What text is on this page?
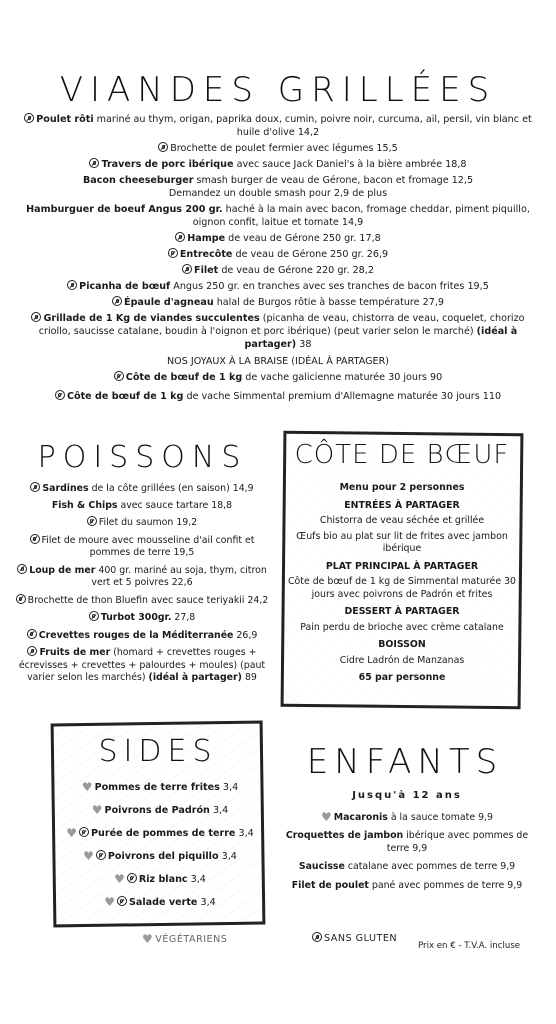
VIANDES GRILLÉES
Poulet rôti mariné au thym, origan, paprika doux, cumin, poivre noir, curcuma, ail, persil, vin blanc et huile d'olive 14,2
Brochette de poulet fermier avec légumes 15,5
Travers de porc ibérique avec sauce Jack Daniel's à la bière ambrée 18,8
Bacon cheeseburger smash burger de veau de Gérone, bacon et fromage 12,5
Demandez un double smash pour 2,9 de plus
Hamburguer de boeuf Angus 200 gr. haché à la main avec bacon, fromage cheddar, piment piquillo, oignon confit, laitue et tomate 14,9
Hampe de veau de Gérone 250 gr. 17,8
Entrecôte de veau de Gérone 250 gr. 26,9
Filet de veau de Gérone 220 gr. 28,2
Picanha de bœuf Angus 250 gr. en tranches avec ses tranches de bacon frites 19,5
Épaule d'agneau halal de Burgos rôtie à basse température 27,9
Grillade de 1 Kg de viandes succulentes (picanha de veau, chistorra de veau, coquelet, chorizo criollo, saucisse catalane, boudin à l'oignon et porc ibérique) (peut varier selon le marché) (idéal à partager) 38
NOS JOYAUX À LA BRAISE (IDÉAL À PARTAGER)
Côte de bœuf de 1 kg de vache galicienne maturée 30 jours 90
Côte de bœuf de 1 kg de vache Simmental premium d'Allemagne maturée 30 jours 110
POISSONS
Sardines de la côte grillées (en saison) 14,9
Fish & Chips avec sauce tartare 18,8
Filet du saumon 19,2
Filet de moure avec mousseline d'ail confit et pommes de terre 19,5
Loup de mer 400 gr. mariné au soja, thym, citron vert et 5 poivres 22,6
Brochette de thon Bluefin avec sauce teriyakii 24,2
Turbot 300gr. 27,8
Crevettes rouges de la Méditerranée 26,9
Fruits de mer (homard + crevettes rouges + écrevisses + crevettes + palourdes + moules) (paut varier selon les marchés) (idéal à partager) 89
CÔTE DE BŒUF
Menu pour 2 personnes
ENTRÉES À PARTAGER
Chistorra de veau séchée et grillée
Œufs bio au plat sur lit de frites avec jambon ibérique
PLAT PRINCIPAL À PARTAGER
Côte de bœuf de 1 kg de Simmental maturée 30 jours avec poivrons de Padrón et frites
DESSERT À PARTAGER
Pain perdu de brioche avec crème catalane
BOISSON
Cidre Ladrón de Manzanas
65 par personne
SIDES
♥ Pommes de terre frites 3,4
♥ Poivrons de Padrón 3,4
♥ Purée de pommes de terre 3,4
♥ Poivrons del piquillo 3,4
♥ Riz blanc 3,4
♥ Salade verte 3,4
ENFANTS
Jusqu'à 12 ans
♥ Macaronis à la sauce tomate 9,9
Croquettes de jambon ibérique avec pommes de terre 9,9
Saucisse catalane avec pommes de terre 9,9
Filet de poulet pané avec pommes de terre 9,9
♥ VÉGÉTARIENS	SANS GLUTEN
Prix en € - T.V.A. incluse
